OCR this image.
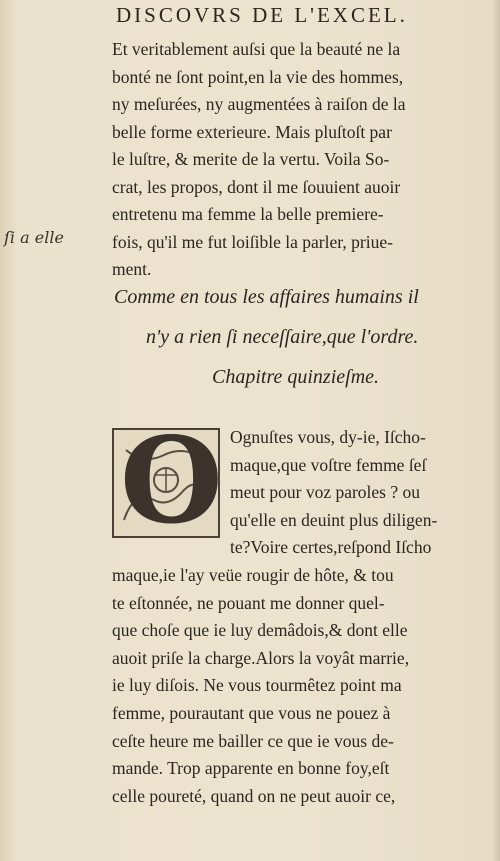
DISCOVRS DE L'EXCEL.
ſi a elle
Et veritablement auſsi que la beauté ne la
bonté ne ſont point,en la vie des hommes,
ny meſurées, ny augmentées à raiſon de la
belle forme exterieure. Mais pluſtoſt par
le luſtre, & merite de la vertu. Voila So-
crat, les propos, dont il me ſouuient auoir
entretenu ma femme la belle premiere-
fois, qu'il me fut loiſible la parler, priue-
ment.
Comme en tous les affaires humains il
n'y a rien ſi neceſſaire,que l'ordre.
Chapitre quinzieſme.
O Ognuſtes vous, dy-ie, Iſcho-
maque,que voſtre femme ſeſ
meut pour voz paroles ? ou
qu'elle en deuint plus diligen-
te?Voire certes,reſpond Iſcho
maque,ie l'ay veüe rougir de hôte, & tou
te eſtonnée, ne pouant me donner quel-
que choſe que ie luy demâdois,& dont elle
auoit priſe la charge.Alors la voyât marrie,
ie luy diſois. Ne vous tourmêtez point ma
femme, pourautant que vous ne pouez à
ceſte heure me bailler ce que ie vous de-
mande. Trop apparente en bonne foy,eſt
celle poureté, quand on ne peut auoir ce,
